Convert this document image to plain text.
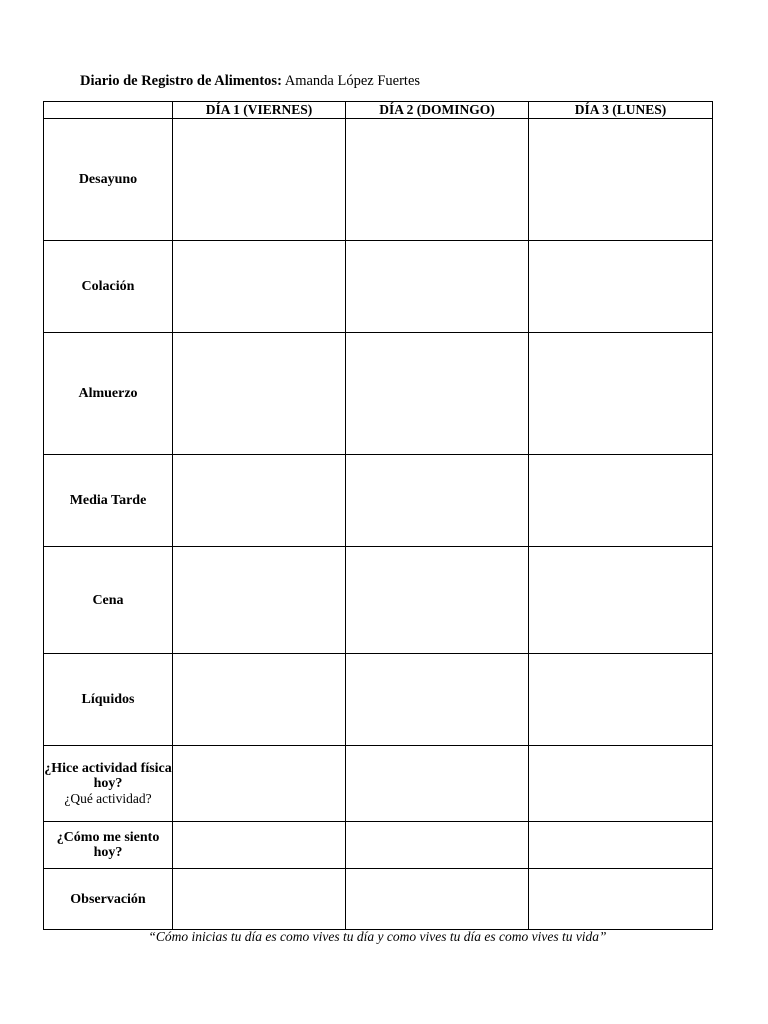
Diario de Registro de Alimentos: Amanda López Fuertes
	DÍA 1 (VIERNES)	DÍA 2 (DOMINGO)	DÍA 3 (LUNES)
Desayuno			
Colación			
Almuerzo			
Media Tarde			
Cena			
Líquidos			
¿Hice actividad física hoy?
¿Qué actividad?			

¿Cómo me siento hoy?			
Observación			
“Cómo inicias tu día es como vives tu día y como vives tu día es como vives tu vida”
